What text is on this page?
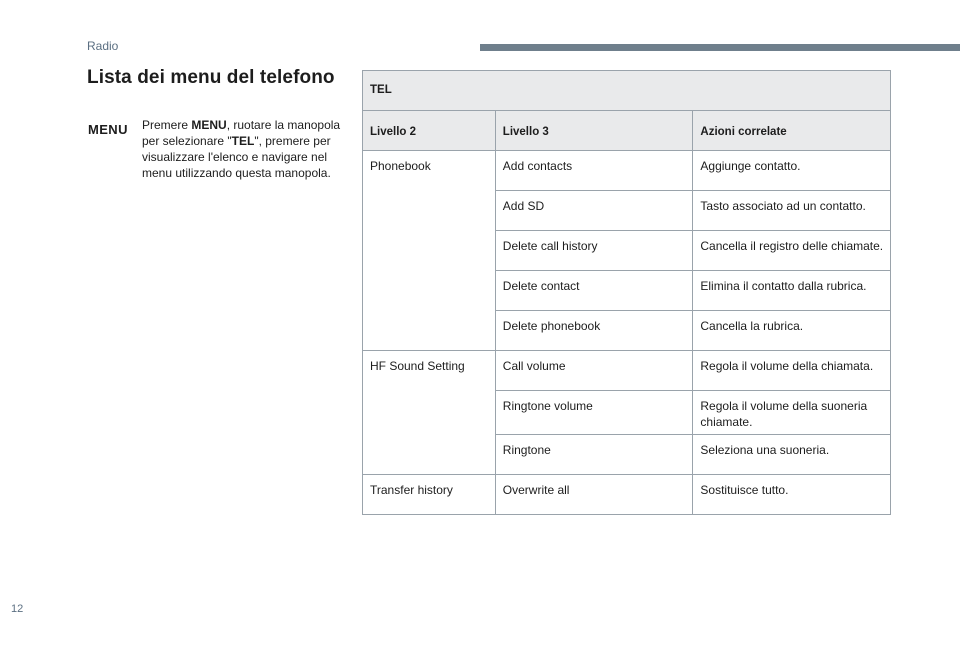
Radio
Lista dei menu del telefono
MENU Premere MENU, ruotare la manopola per selezionare "TEL", premere per visualizzare l'elenco e navigare nel menu utilizzando questa manopola.
TEL		
Livello 2	Livello 3	Azioni correlate
Phonebook	Add contacts	Aggiunge contatto.
	Add SD	Tasto associato ad un contatto.
	Delete call history	Cancella il registro delle chiamate.
	Delete contact	Elimina il contatto dalla rubrica.
	Delete phonebook	Cancella la rubrica.
HF Sound Setting	Call volume	Regola il volume della chiamata.
	Ringtone volume	Regola il volume della suoneria chiamate.
	Ringtone	Seleziona una suoneria.
Transfer history	Overwrite all	Sostituisce tutto.
12
